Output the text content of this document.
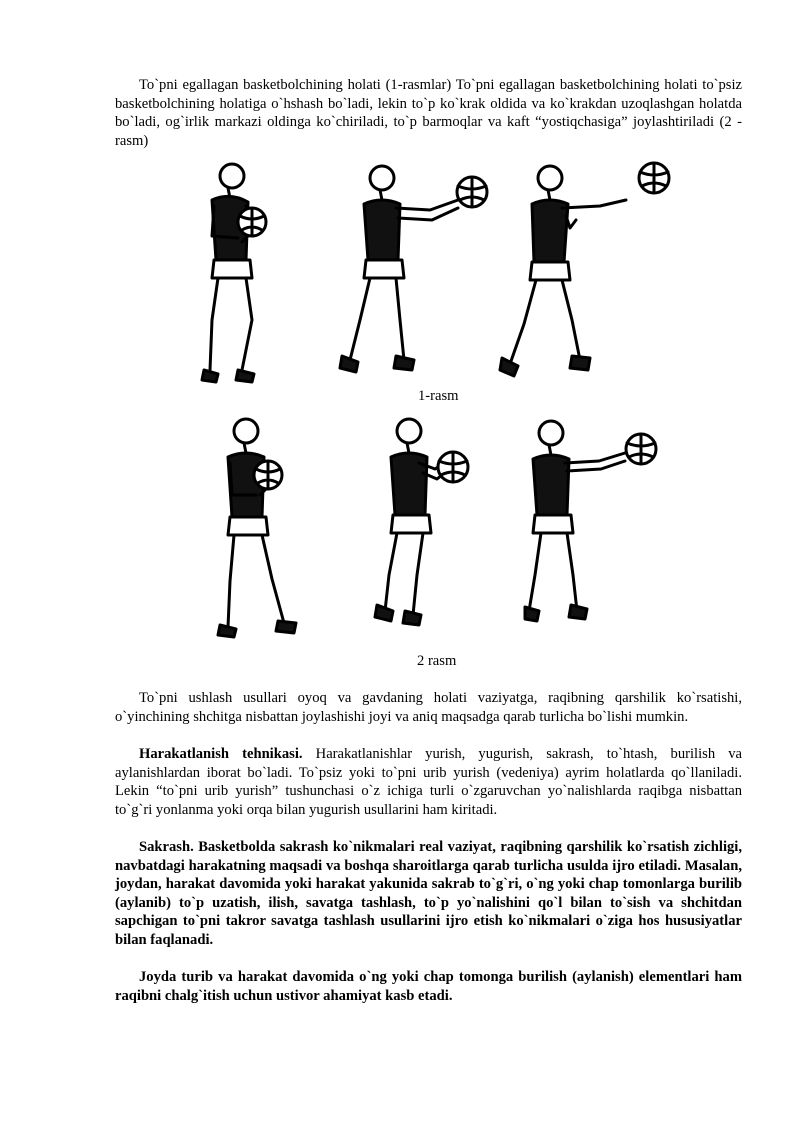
To`pni egallagan basketbolchining holati (1-rasmlar) To`pni egallagan basketbolchining holati to`psiz basketbolchining holatiga o`hshash bo`ladi, lekin to`p ko`krak oldida va ko`krakdan uzoqlashgan holatda bo`ladi, og`irlik markazi oldinga ko`chiriladi, to`p barmoqlar va kaft “yostiqchasiga” joylashtiriladi (2 - rasm)

1-rasm

2 rasm

To`pni ushlash usullari oyoq va gavdaning holati vaziyatga, raqibning qarshilik ko`rsatishi, o`yinchining shchitga nisbattan joylashishi joyi va aniq maqsadga qarab turlicha bo`lishi mumkin.

Harakatlanish tehnikasi. Harakatlanishlar yurish, yugurish, sakrash, to`htash, burilish va aylanishlardan iborat bo`ladi. To`psiz yoki to`pni urib yurish (vedeniya) ayrim holatlarda qo`llaniladi. Lekin “to`pni urib yurish” tushunchasi o`z ichiga turli o`zgaruvchan yo`nalishlarda raqibga nisbattan to`g`ri yonlanma yoki orqa bilan yugurish usullarini ham kiritadi.

Sakrash. Basketbolda sakrash ko`nikmalari real vaziyat, raqibning qarshilik ko`rsatish zichligi, navbatdagi harakatning maqsadi va boshqa sharoitlarga qarab turlicha usulda ijro etiladi. Masalan, joydan, harakat davomida yoki harakat yakunida sakrab to`g`ri, o`ng yoki chap tomonlarga burilib (aylanib) to`p uzatish, ilish, savatga tashlash, to`p yo`nalishini qo`l bilan to`sish va shchitdan sapchigan to`pni takror savatga tashlash usullarini ijro etish ko`nikmalari o`ziga hos hususiyatlar bilan faqlanadi.

Joyda turib va harakat davomida o`ng yoki chap tomonga burilish (aylanish) elementlari ham raqibni chalg`itish uchun ustivor ahamiyat kasb etadi.
